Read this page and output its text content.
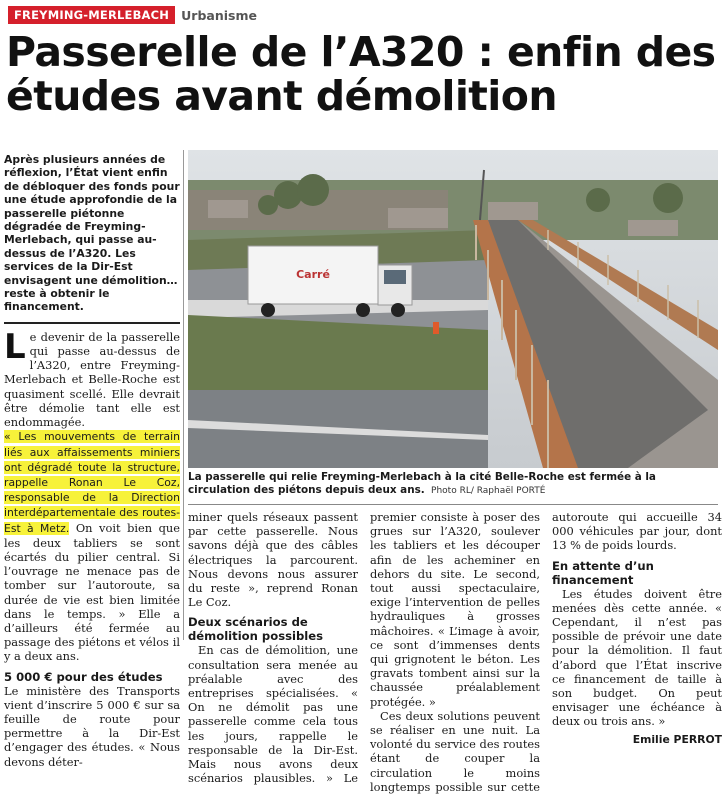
FREYMING-MERLEBACH Urbanisme
Passerelle de l’A320 : enfin des études avant démolition

Après plusieurs années de réflexion, l’État vient enfin de débloquer des fonds pour une étude approfondie de la passerelle piétonne dégradée de Freyming-Merlebach, qui passe au-dessus de l’A320. Les services de la Dir-Est envisagent une démolition… reste à obtenir le financement.

Le devenir de la passerelle qui passe au-dessus de l’A320, entre Freyming-Merlebach et Belle-Roche est quasiment scellé. Elle devrait être démolie tant elle est endommagée.

« Les mouvements de terrain liés aux affaissements miniers ont dégradé toute la structure, rappelle Ronan Le Coz, responsable de la Direction interdépartementale des routes-Est à Metz. On voit bien que les deux tabliers se sont écartés du pilier central. Si l’ouvrage ne menace pas de tomber sur l’autoroute, sa durée de vie est bien limitée dans le temps. » Elle a d’ailleurs été fermée au passage des piétons et vélos il y a deux ans.

5 000 € pour des études

Le ministère des Transports vient d’inscrire 5 000 € sur sa feuille de route pour permettre à la Dir-Est d’engager des études. « Nous devons déter-

Carré
La passerelle qui relie Freyming-Merlebach à la cité Belle-Roche est fermée à la circulation des piétons depuis deux ans. Photo RL/ Raphaël PORTÉ

miner quels réseaux passent par cette passerelle. Nous savons déjà que des câbles électriques la parcourent. Nous devons nous assurer du reste », reprend Ronan Le Coz.

Deux scénarios de démolition possibles

En cas de démolition, une consultation sera menée au préalable avec des entreprises spécialisées. « On ne démolit pas une passerelle comme cela tous les jours, rappelle le responsable de la Dir-Est. Mais nous avons deux scénarios plausibles. » Le premier consiste à poser des grues sur l’A320, soulever les tabliers et les découper afin de les acheminer en dehors du site. Le second, tout aussi spectaculaire, exige l’intervention de pelles hydrauliques à grosses mâchoires. « L’image à avoir, ce sont d’immenses dents qui grignotent le béton. Les gravats tombent ainsi sur la chaussée préalablement protégée. »

Ces deux solutions peuvent se réaliser en une nuit. La volonté du service des routes étant de couper la circulation le moins longtemps possible sur cette autoroute qui accueille 34 000 véhicules par jour, dont 13 % de poids lourds.

En attente d’un financement

Les études doivent être menées dès cette année. « Cependant, il n’est pas possible de prévoir une date pour la démolition. Il faut d’abord que l’État inscrive ce financement de taille à son budget. On peut envisager une échéance à deux ou trois ans. »

Emilie PERROT
